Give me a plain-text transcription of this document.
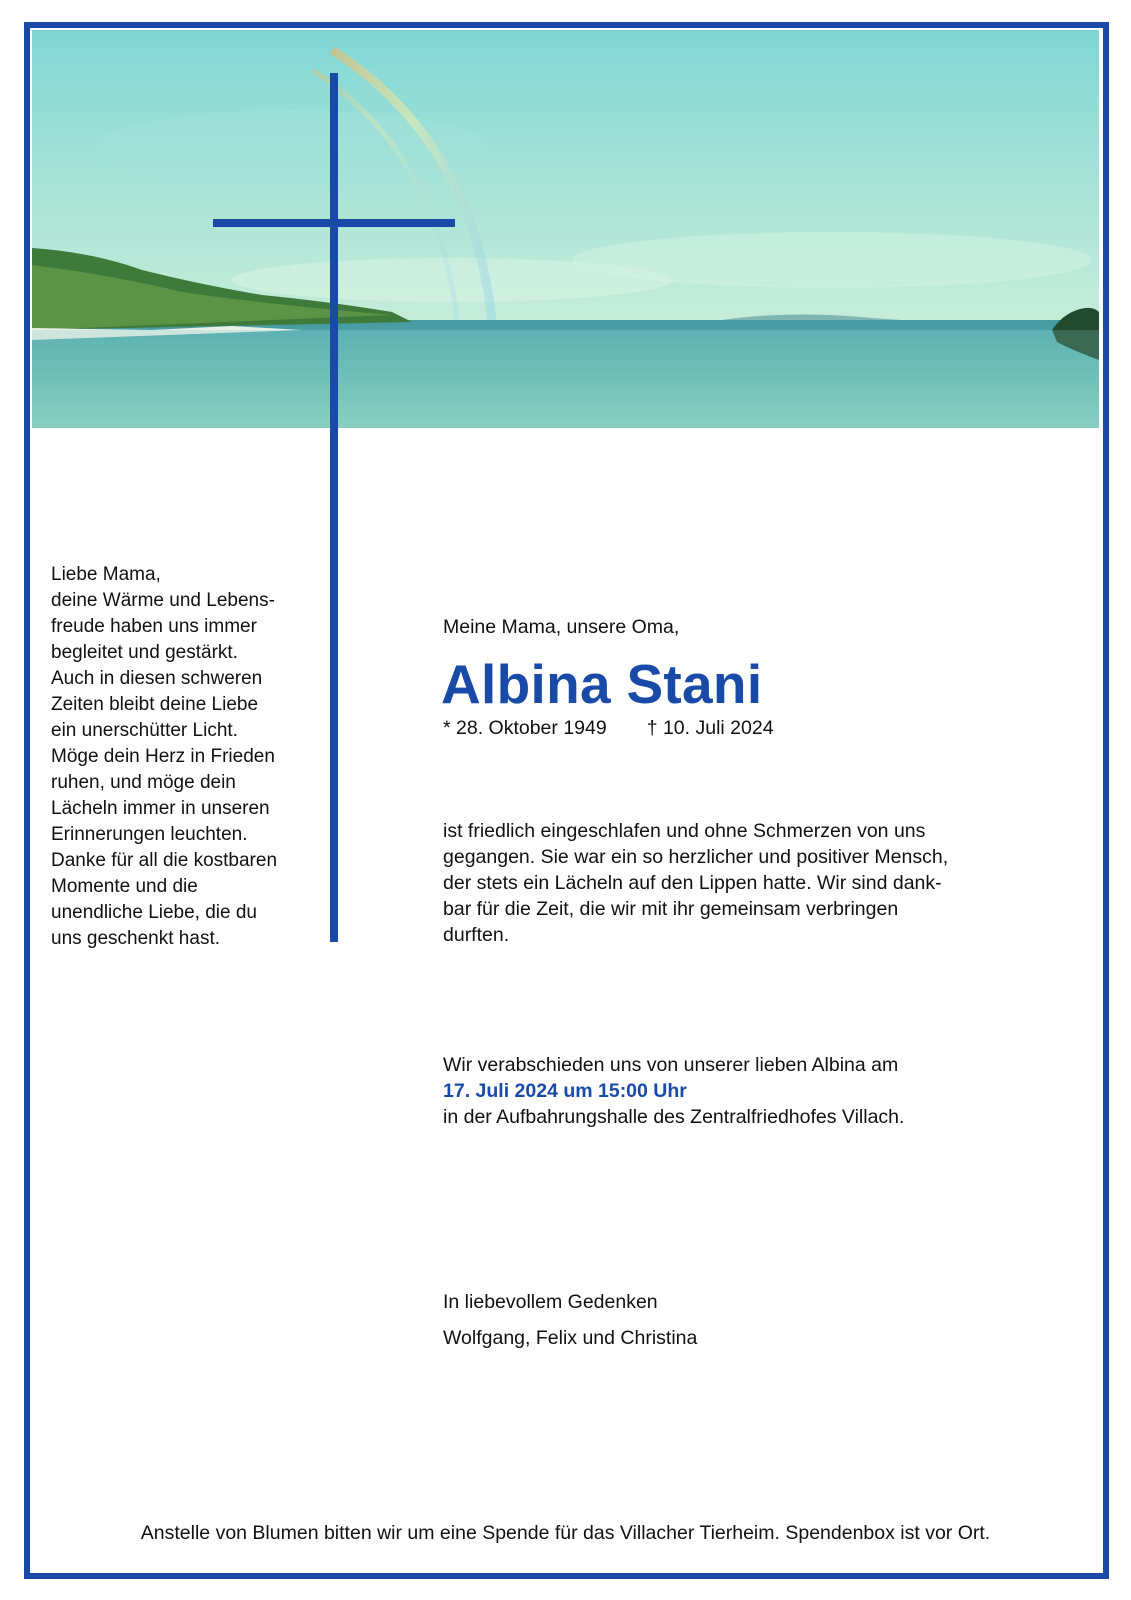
Liebe Mama,
deine Wärme und Lebens-
freude haben uns immer
begleitet und gestärkt.
Auch in diesen schweren
Zeiten bleibt deine Liebe
ein unerschütter Licht.
Möge dein Herz in Frieden
ruhen, und möge dein
Lächeln immer in unseren
Erinnerungen leuchten.
Danke für all die kostbaren
Momente und die
unendliche Liebe, die du
uns geschenkt hast.
Meine Mama, unsere Oma,
Albina Stani
* 28. Oktober 1949 † 10. Juli 2024
ist friedlich eingeschlafen und ohne Schmerzen von uns
gegangen. Sie war ein so herzlicher und positiver Mensch,
der stets ein Lächeln auf den Lippen hatte. Wir sind dank-
bar für die Zeit, die wir mit ihr gemeinsam verbringen
durften.
Wir verabschieden uns von unserer lieben Albina am
17. Juli 2024 um 15:00 Uhr
in der Aufbahrungshalle des Zentralfriedhofes Villach.
In liebevollem Gedenken
Wolfgang, Felix und Christina
Anstelle von Blumen bitten wir um eine Spende für das Villacher Tierheim. Spendenbox ist vor Ort.
